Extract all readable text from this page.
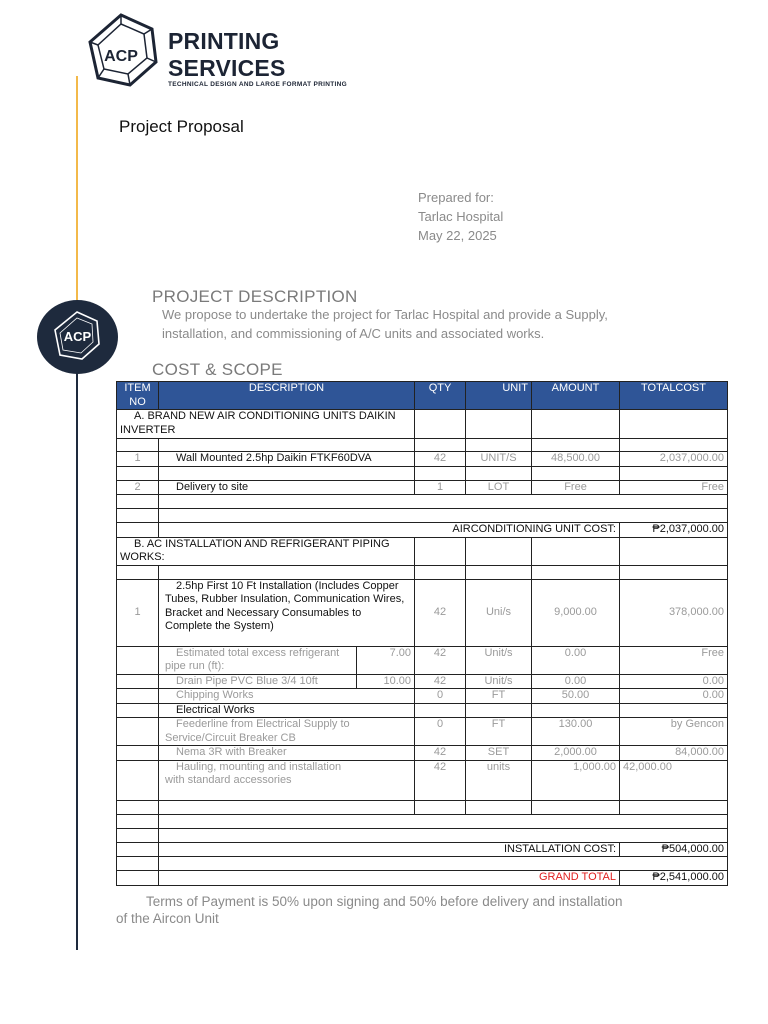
ACP
PRINTING
SERVICES
TECHNICAL DESIGN AND LARGE FORMAT PRINTING
Project Proposal
Prepared for:
Tarlac Hospital
May 22, 2025
ACP
PROJECT DESCRIPTION
We propose to undertake the project for Tarlac Hospital and provide a Supply, installation, and commissioning of A/C units and associated works.
COST & SCOPE
ITEM NO	DESCRIPTION		QTY	UNIT	AMOUNT	TOTALCOST
A. BRAND NEW AIR CONDITIONING UNITS DAIKIN INVERTER						

1	Wall Mounted 2.5hp Daikin FTKF60DVA		42	UNIT/S	48,500.00	2,037,000.00

2	Delivery to site		1	LOT	Free	Free

	AIRCONDITIONING UNIT COST:					₱2,037,000.00
B. AC INSTALLATION AND REFRIGERANT PIPING WORKS:						

1	2.5hp First 10 Ft Installation (Includes Copper Tubes, Rubber Insulation, Communication Wires, Bracket and Necessary Consumables to Complete the System)		42	Uni/s	9,000.00	378,000.00
	Estimated total excess refrigerant pipe run (ft):	7.00	42	Unit/s	0.00	Free
	Drain Pipe PVC Blue 3/4 10ft	10.00	42	Unit/s	0.00	0.00
	Chipping Works		0	FT	50.00	0.00
	Electrical Works					
	Feederline from Electrical Supply to Service/Circuit Breaker CB		0	FT	130.00	by Gencon
	Nema 3R with Breaker		42	SET	2,000.00	84,000.00
	Hauling, mounting and installation with standard accessories		42	units	1,000.00	42,000.00

	INSTALLATION COST:					₱504,000.00

	GRAND TOTAL					₱2,541,000.00
Terms of Payment is 50% upon signing and 50% before delivery and installation of the Aircon Unit
